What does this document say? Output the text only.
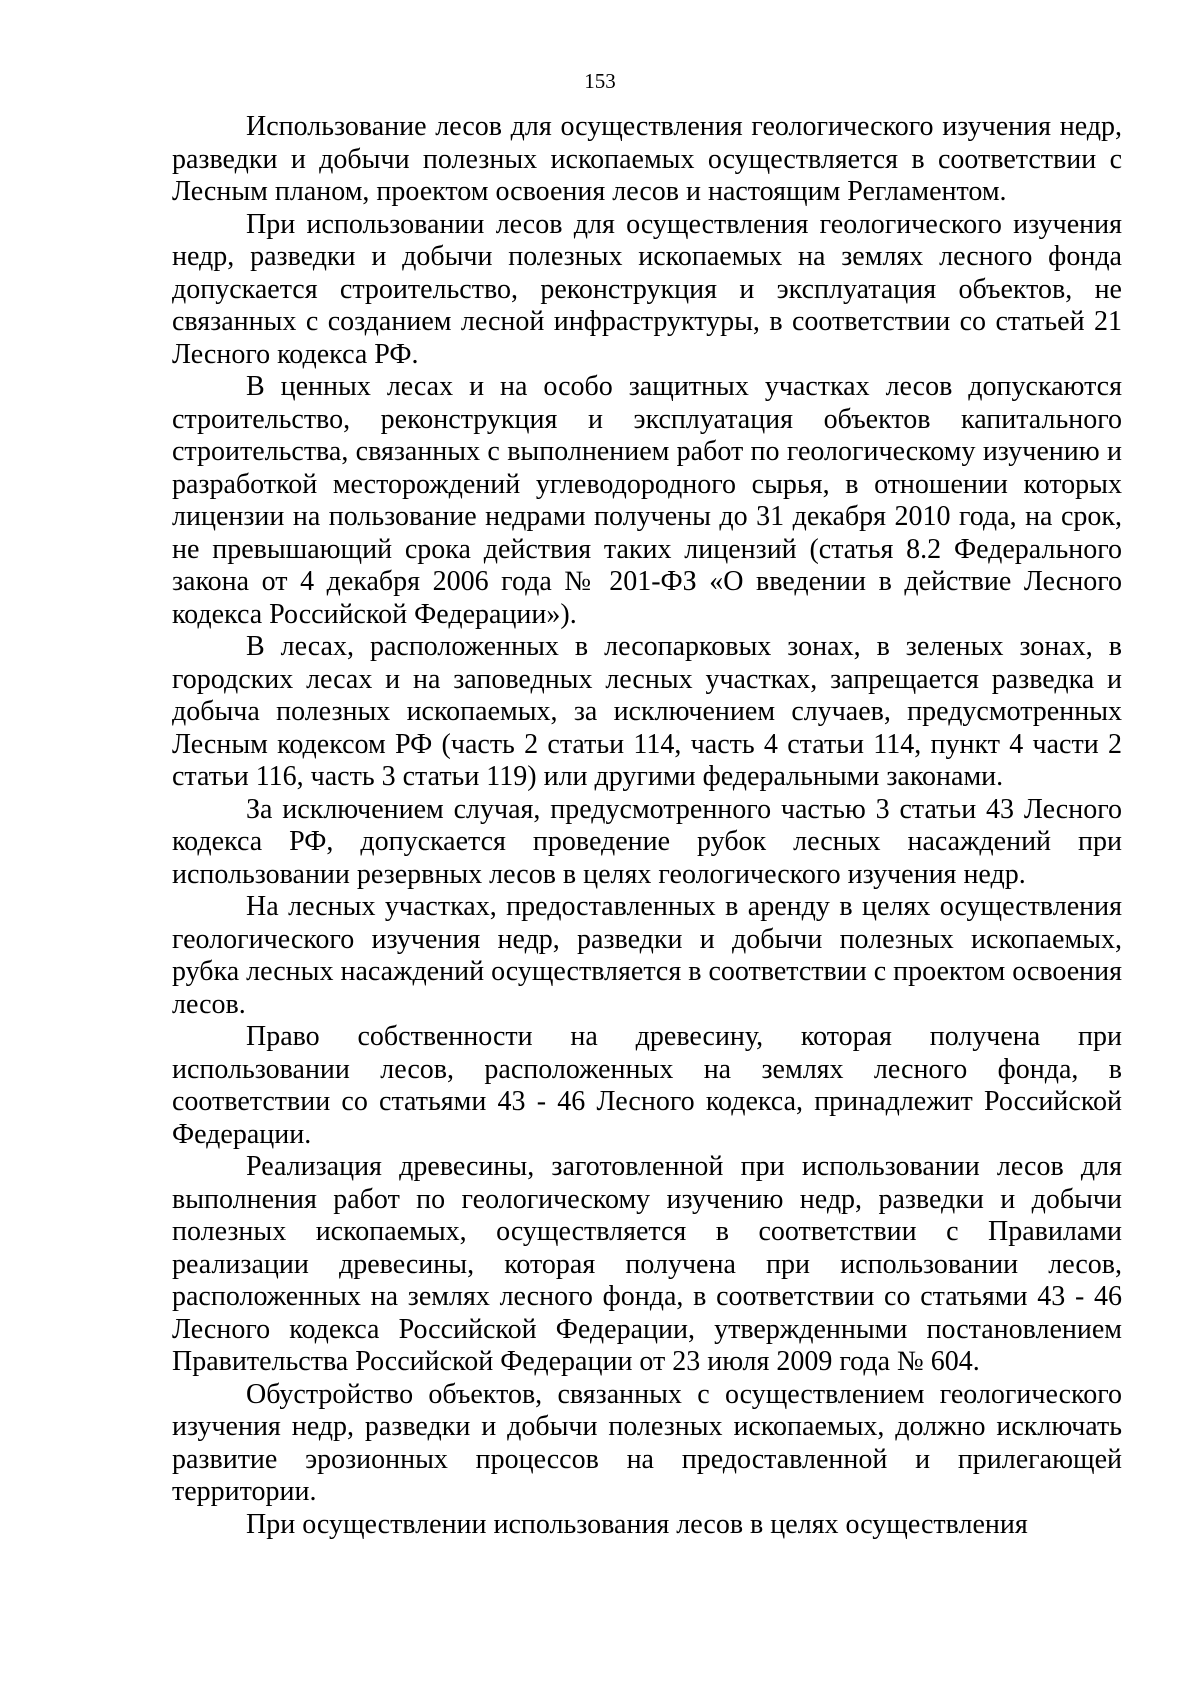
153

Использование лесов для осуществления геологического изучения недр, разведки и добычи полезных ископаемых осуществляется в соответствии с Лесным планом, проектом освоения лесов и настоящим Регламентом.

При использовании лесов для осуществления геологического изучения недр, разведки и добычи полезных ископаемых на землях лесного фонда допускается строительство, реконструкция и эксплуатация объектов, не связанных с созданием лесной инфраструктуры, в соответствии со статьей 21 Лесного кодекса РФ.

В ценных лесах и на особо защитных участках лесов допускаются строительство, реконструкция и эксплуатация объектов капитального строительства, связанных с выполнением работ по геологическому изучению и разработкой месторождений углеводородного сырья, в отношении которых лицензии на пользование недрами получены до 31 декабря 2010 года, на срок, не превышающий срока действия таких лицензий (статья 8.2 Федерального закона от 4 декабря 2006 года № 201-ФЗ «О введении в действие Лесного кодекса Российской Федерации»).

В лесах, расположенных в лесопарковых зонах, в зеленых зонах, в городских лесах и на заповедных лесных участках, запрещается разведка и добыча полезных ископаемых, за исключением случаев, предусмотренных Лесным кодексом РФ (часть 2 статьи 114, часть 4 статьи 114, пункт 4 части 2 статьи 116, часть 3 статьи 119) или другими федеральными законами.

За исключением случая, предусмотренного частью 3 статьи 43 Лесного кодекса РФ, допускается проведение рубок лесных насаждений при использовании резервных лесов в целях геологического изучения недр.

На лесных участках, предоставленных в аренду в целях осуществления геологического изучения недр, разведки и добычи полезных ископаемых, рубка лесных насаждений осуществляется в соответствии с проектом освоения лесов.

Право собственности на древесину, которая получена при использовании лесов, расположенных на землях лесного фонда, в соответствии со статьями 43 - 46 Лесного кодекса, принадлежит Российской Федерации.

Реализация древесины, заготовленной при использовании лесов для выполнения работ по геологическому изучению недр, разведки и добычи полезных ископаемых, осуществляется в соответствии с Правилами реализации древесины, которая получена при использовании лесов, расположенных на землях лесного фонда, в соответствии со статьями 43 - 46 Лесного кодекса Российской Федерации, утвержденными постановлением Правительства Российской Федерации от 23 июля 2009 года № 604.

Обустройство объектов, связанных с осуществлением геологического изучения недр, разведки и добычи полезных ископаемых, должно исключать развитие эрозионных процессов на предоставленной и прилегающей территории.

При осуществлении использования лесов в целях осуществления
